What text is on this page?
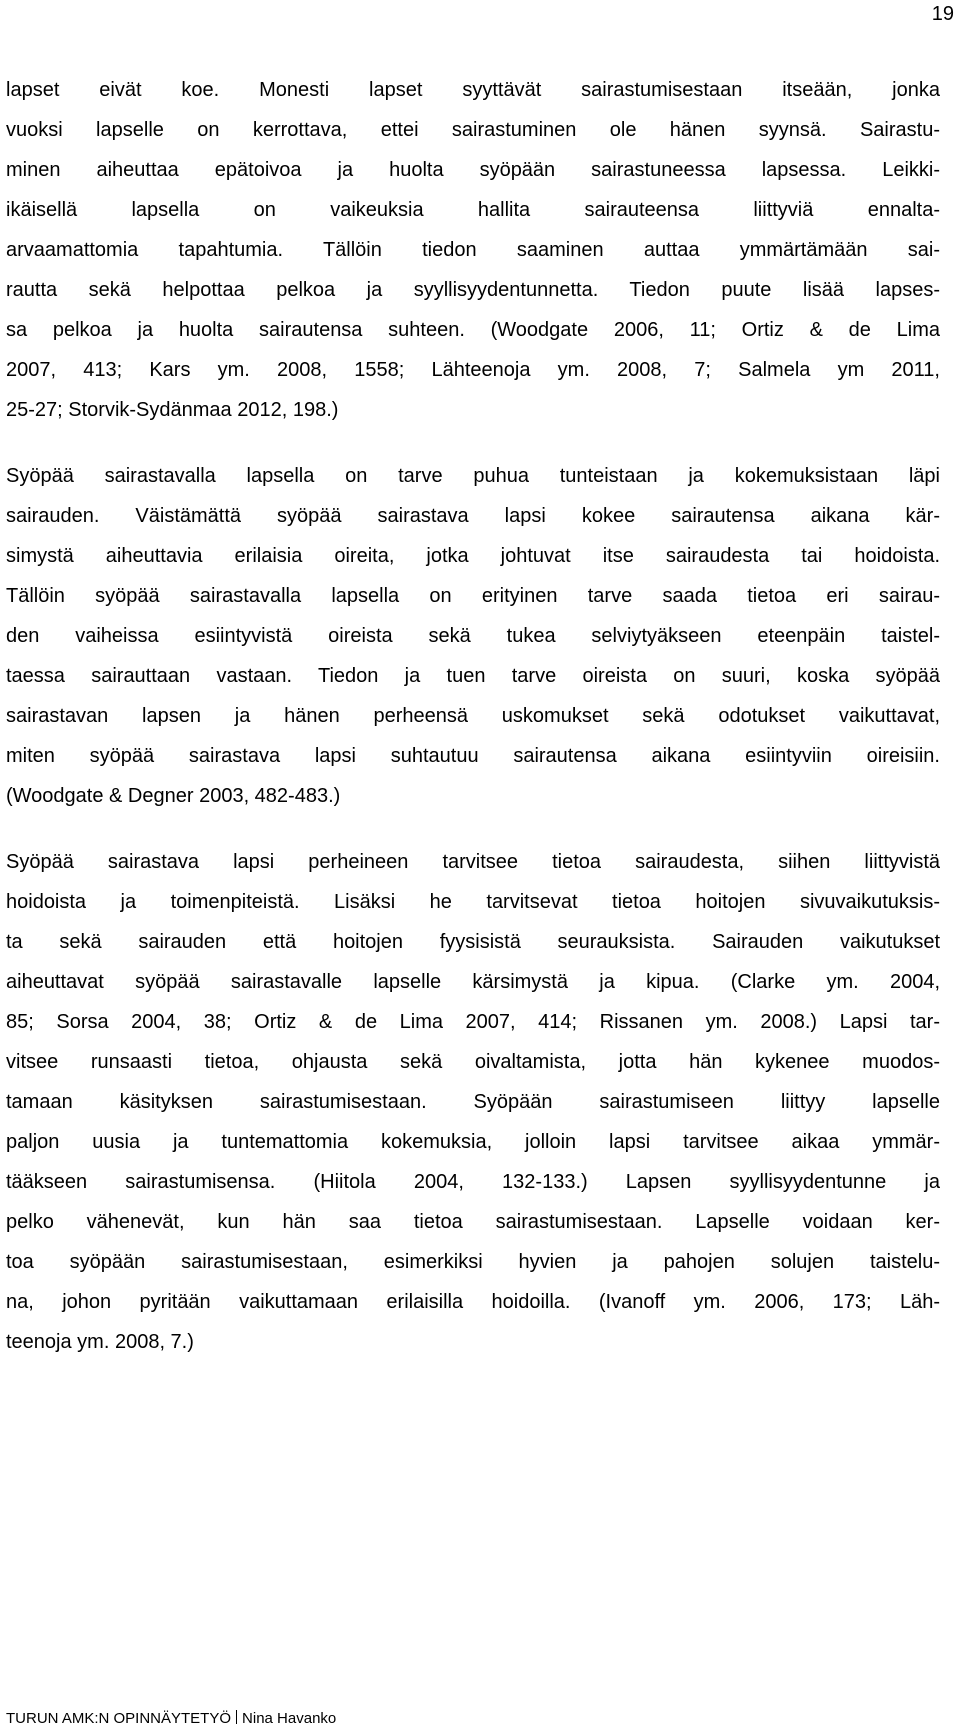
19
lapset eivät koe. Monesti lapset syyttävät sairastumisestaan itseään, jonka
vuoksi lapselle on kerrottava, ettei sairastuminen ole hänen syynsä. Sairastu-
minen aiheuttaa epätoivoa ja huolta syöpään sairastuneessa lapsessa. Leikki-
ikäisellä lapsella on vaikeuksia hallita sairauteensa liittyviä ennalta-
arvaamattomia tapahtumia. Tällöin tiedon saaminen auttaa ymmärtämään sai-
rautta sekä helpottaa pelkoa ja syyllisyydentunnetta. Tiedon puute lisää lapses-
sa pelkoa ja huolta sairautensa suhteen. (Woodgate 2006, 11; Ortiz & de Lima
2007, 413; Kars ym. 2008, 1558; Lähteenoja ym. 2008, 7; Salmela ym 2011,
25-27; Storvik-Sydänmaa 2012, 198.)
Syöpää sairastavalla lapsella on tarve puhua tunteistaan ja kokemuksistaan läpi
sairauden. Väistämättä syöpää sairastava lapsi kokee sairautensa aikana kär-
simystä aiheuttavia erilaisia oireita, jotka johtuvat itse sairaudesta tai hoidoista.
Tällöin syöpää sairastavalla lapsella on erityinen tarve saada tietoa eri sairau-
den vaiheissa esiintyvistä oireista sekä tukea selviytyäkseen eteenpäin taistel-
taessa sairauttaan vastaan. Tiedon ja tuen tarve oireista on suuri, koska syöpää
sairastavan lapsen ja hänen perheensä uskomukset sekä odotukset vaikuttavat,
miten syöpää sairastava lapsi suhtautuu sairautensa aikana esiintyviin oireisiin.
(Woodgate & Degner 2003, 482-483.)
Syöpää sairastava lapsi perheineen tarvitsee tietoa sairaudesta, siihen liittyvistä
hoidoista ja toimenpiteistä. Lisäksi he tarvitsevat tietoa hoitojen sivuvaikutuksis-
ta sekä sairauden että hoitojen fyysisistä seurauksista. Sairauden vaikutukset
aiheuttavat syöpää sairastavalle lapselle kärsimystä ja kipua. (Clarke ym. 2004,
85; Sorsa 2004, 38; Ortiz & de Lima 2007, 414; Rissanen ym. 2008.) Lapsi tar-
vitsee runsaasti tietoa, ohjausta sekä oivaltamista, jotta hän kykenee muodos-
tamaan käsityksen sairastumisestaan. Syöpään sairastumiseen liittyy lapselle
paljon uusia ja tuntemattomia kokemuksia, jolloin lapsi tarvitsee aikaa ymmär-
tääkseen sairastumisensa. (Hiitola 2004, 132-133.) Lapsen syyllisyydentunne ja
pelko vähenevät, kun hän saa tietoa sairastumisestaan. Lapselle voidaan ker-
toa syöpään sairastumisestaan, esimerkiksi hyvien ja pahojen solujen taistelu-
na, johon pyritään vaikuttamaan erilaisilla hoidoilla. (Ivanoff ym. 2006, 173; Läh-
teenoja ym. 2008, 7.)
TURUN AMK:N OPINNÄYTETYÖ Nina Havanko
